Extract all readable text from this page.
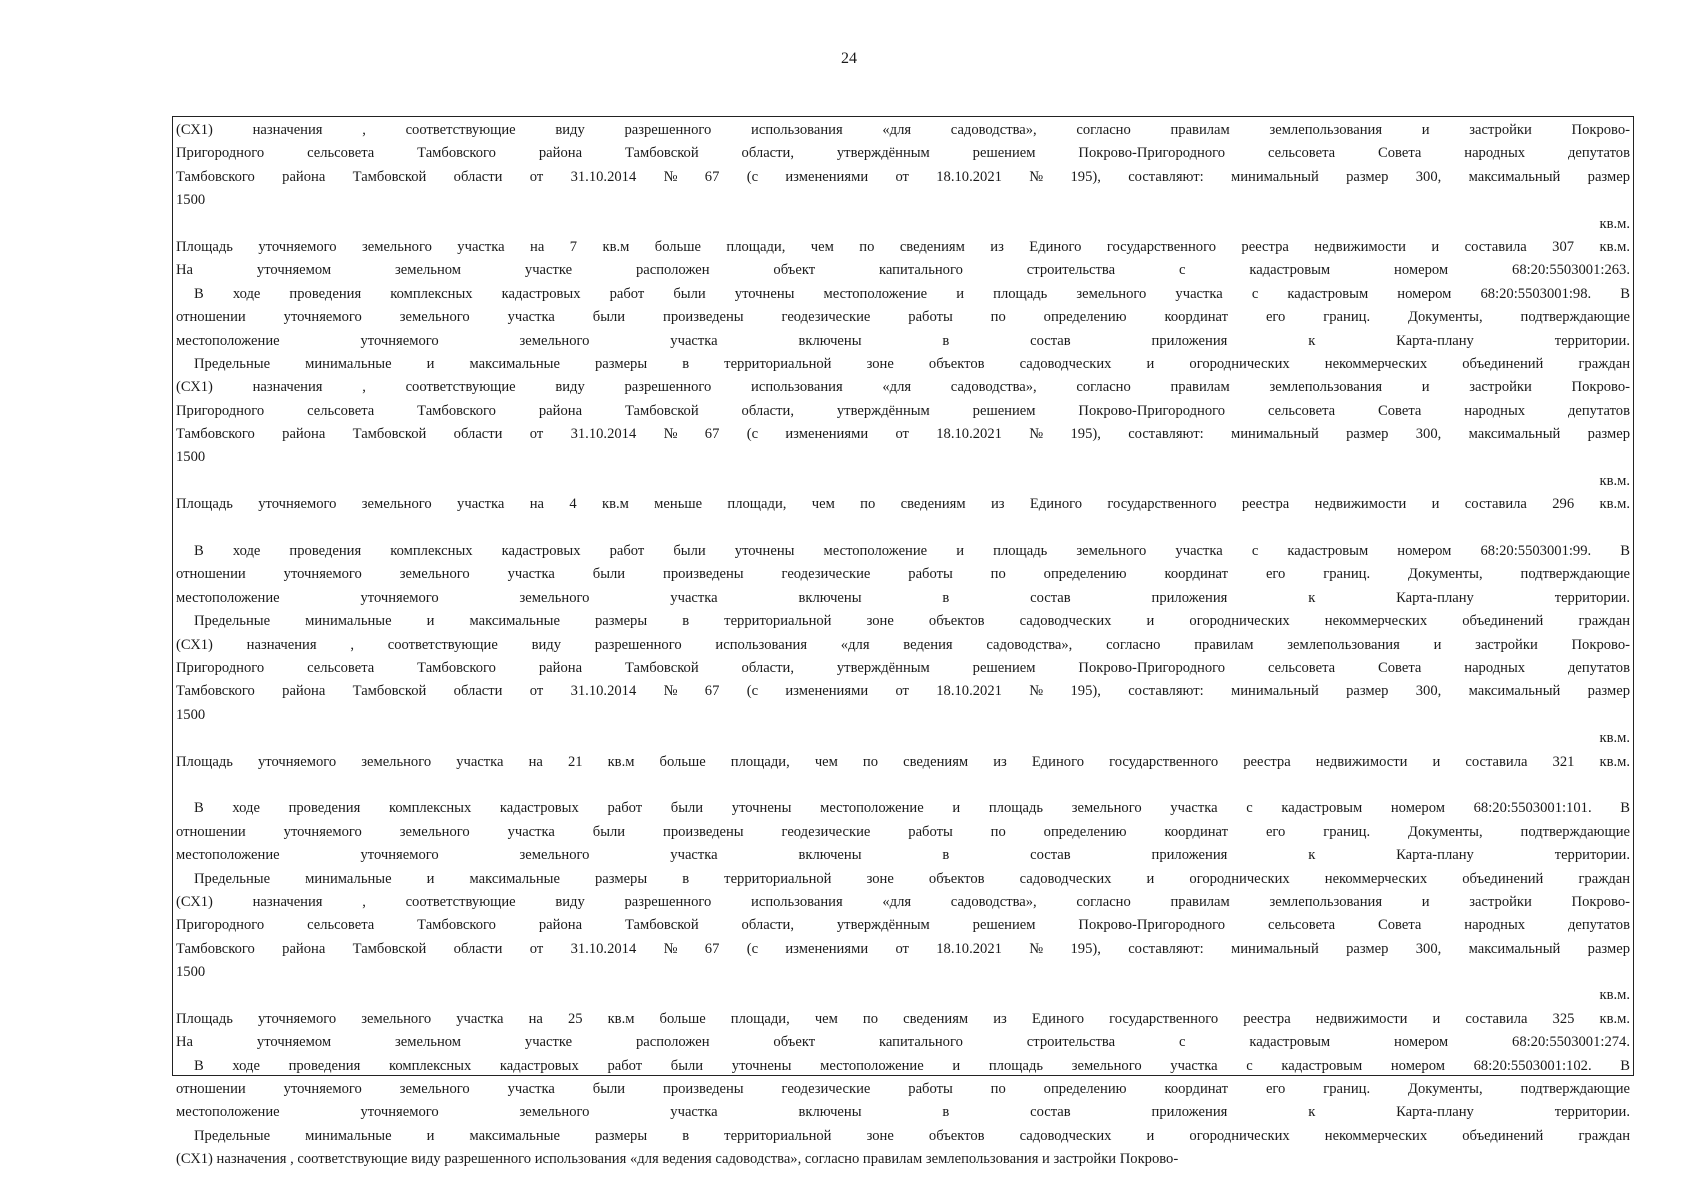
24
(СХ1) назначения , соответствующие виду разрешенного использования «для садоводства», согласно правилам землепользования и застройки Покрово-
Пригородного сельсовета Тамбовского района Тамбовской области, утверждённым решением Покрово-Пригородного сельсовета Совета народных депутатов
Тамбовского района Тамбовской области от 31.10.2014 № 67 (с изменениями от 18.10.2021 № 195), составляют: минимальный размер 300, максимальный размер
1500
кв.м.
Площадь уточняемого земельного участка на 7 кв.м больше площади, чем по сведениям из Единого государственного реестра недвижимости и составила 307 кв.м.
На уточняемом земельном участке расположен объект капитального строительства с кадастровым номером 68:20:5503001:263.
В ходе проведения комплексных кадастровых работ были уточнены местоположение и площадь земельного участка с кадастровым номером 68:20:5503001:98. В
отношении уточняемого земельного участка были произведены геодезические работы по определению координат его границ. Документы, подтверждающие
местоположение уточняемого земельного участка включены в состав приложения к Карта-плану территории.
Предельные минимальные и максимальные размеры в территориальной зоне объектов садоводческих и огороднических некоммерческих объединений граждан
(СХ1) назначения , соответствующие виду разрешенного использования «для садоводства», согласно правилам землепользования и застройки Покрово-
Пригородного сельсовета Тамбовского района Тамбовской области, утверждённым решением Покрово-Пригородного сельсовета Совета народных депутатов
Тамбовского района Тамбовской области от 31.10.2014 № 67 (с изменениями от 18.10.2021 № 195), составляют: минимальный размер 300, максимальный размер
1500
кв.м.
Площадь уточняемого земельного участка на 4 кв.м меньше площади, чем по сведениям из Единого государственного реестра недвижимости и составила 296 кв.м.
В ходе проведения комплексных кадастровых работ были уточнены местоположение и площадь земельного участка с кадастровым номером 68:20:5503001:99. В
отношении уточняемого земельного участка были произведены геодезические работы по определению координат его границ. Документы, подтверждающие
местоположение уточняемого земельного участка включены в состав приложения к Карта-плану территории.
Предельные минимальные и максимальные размеры в территориальной зоне объектов садоводческих и огороднических некоммерческих объединений граждан
(СХ1) назначения , соответствующие виду разрешенного использования «для ведения садоводства», согласно правилам землепользования и застройки Покрово-
Пригородного сельсовета Тамбовского района Тамбовской области, утверждённым решением Покрово-Пригородного сельсовета Совета народных депутатов
Тамбовского района Тамбовской области от 31.10.2014 № 67 (с изменениями от 18.10.2021 № 195), составляют: минимальный размер 300, максимальный размер
1500
кв.м.
Площадь уточняемого земельного участка на 21 кв.м больше площади, чем по сведениям из Единого государственного реестра недвижимости и составила 321 кв.м.
В ходе проведения комплексных кадастровых работ были уточнены местоположение и площадь земельного участка с кадастровым номером 68:20:5503001:101. В
отношении уточняемого земельного участка были произведены геодезические работы по определению координат его границ. Документы, подтверждающие
местоположение уточняемого земельного участка включены в состав приложения к Карта-плану территории.
Предельные минимальные и максимальные размеры в территориальной зоне объектов садоводческих и огороднических некоммерческих объединений граждан
(СХ1) назначения , соответствующие виду разрешенного использования «для садоводства», согласно правилам землепользования и застройки Покрово-
Пригородного сельсовета Тамбовского района Тамбовской области, утверждённым решением Покрово-Пригородного сельсовета Совета народных депутатов
Тамбовского района Тамбовской области от 31.10.2014 № 67 (с изменениями от 18.10.2021 № 195), составляют: минимальный размер 300, максимальный размер
1500
кв.м.
Площадь уточняемого земельного участка на 25 кв.м больше площади, чем по сведениям из Единого государственного реестра недвижимости и составила 325 кв.м.
На уточняемом земельном участке расположен объект капитального строительства с кадастровым номером 68:20:5503001:274.
В ходе проведения комплексных кадастровых работ были уточнены местоположение и площадь земельного участка с кадастровым номером 68:20:5503001:102. В
отношении уточняемого земельного участка были произведены геодезические работы по определению координат его границ. Документы, подтверждающие
местоположение уточняемого земельного участка включены в состав приложения к Карта-плану территории.
Предельные минимальные и максимальные размеры в территориальной зоне объектов садоводческих и огороднических некоммерческих объединений граждан
(СХ1) назначения , соответствующие виду разрешенного использования «для ведения садоводства», согласно правилам землепользования и застройки Покрово-
